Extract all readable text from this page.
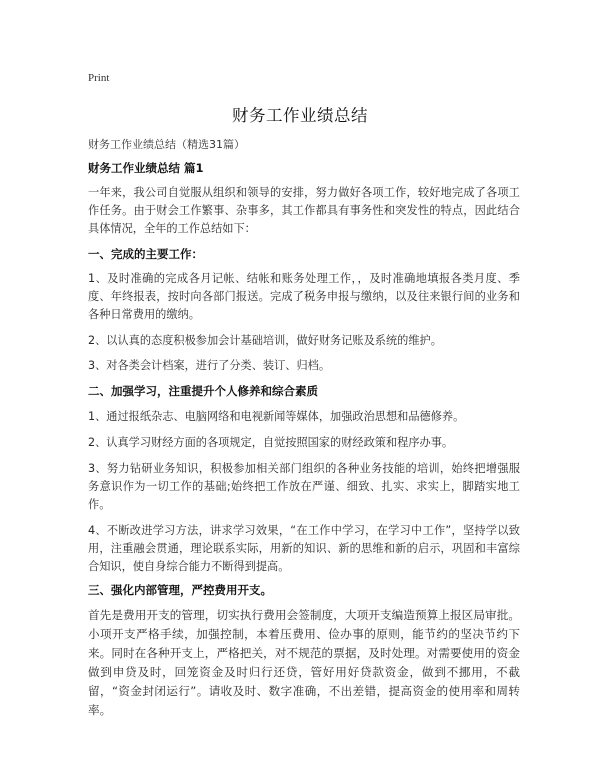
Print
财务工作业绩总结
财务工作业绩总结（精选31篇）
财务工作业绩总结 篇1
一年来，我公司自觉服从组织和领导的安排，努力做好各项工作，较好地完成了各项工作任务。由于财会工作繁事、杂事多，其工作都具有事务性和突发性的特点，因此结合具体情况，全年的工作总结如下：
一、完成的主要工作：
1、及时准确的完成各月记帐、结帐和账务处理工作，，及时准确地填报各类月度、季度、年终报表，按时向各部门报送。完成了税务申报与缴纳，以及往来银行间的业务和各种日常费用的缴纳。
2、以认真的态度积极参加会计基础培训，做好财务记账及系统的维护。
3、对各类会计档案，进行了分类、装订、归档。
二、加强学习，注重提升个人修养和综合素质
1、通过报纸杂志、电脑网络和电视新闻等媒体，加强政治思想和品德修养。
2、认真学习财经方面的各项规定，自觉按照国家的财经政策和程序办事。
3、努力钻研业务知识，积极参加相关部门组织的各种业务技能的培训，始终把增强服务意识作为一切工作的基础;始终把工作放在严谨、细致、扎实、求实上，脚踏实地工作。
4、不断改进学习方法，讲求学习效果，“在工作中学习，在学习中工作”，坚持学以致用，注重融会贯通，理论联系实际，用新的知识、新的思维和新的启示，巩固和丰富综合知识，使自身综合能力不断得到提高。
三、强化内部管理，严控费用开支。
首先是费用开支的管理，切实执行费用会签制度，大项开支编造预算上报区局审批。小项开支严格手续，加强控制，本着压费用、俭办事的原则，能节约的坚决节约下来。同时在各种开支上，严格把关，对不规范的票据，及时处理。对需要使用的资金做到申贷及时，回笼资金及时归行还贷，管好用好贷款资金，做到不挪用，不截留，“资金封闭运行”。请收及时、数字准确，不出差错，提高资金的使用率和周转率。
